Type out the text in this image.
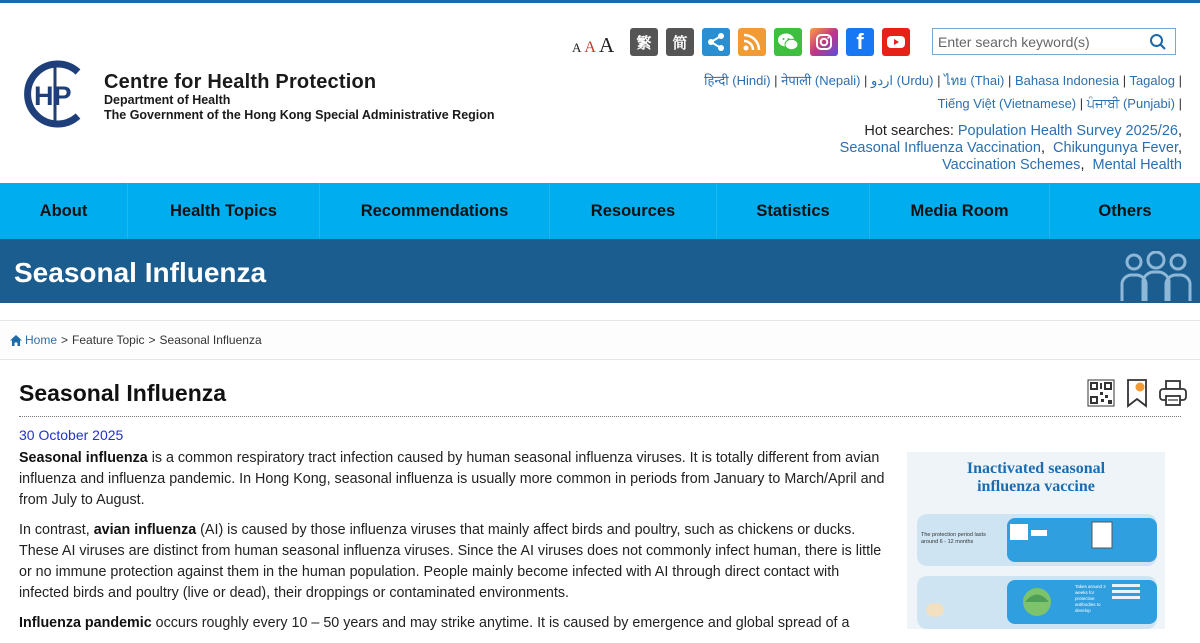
HP Centre for Health Protection
Department of Health
The Government of the Hong Kong Special Administrative Region
A A A 繁 简	f
Enter search keyword(s)
हिन्दी (Hindi) | नेपाली (Nepali) | اردو (Urdu) | ไทย (Thai) | Bahasa Indonesia | Tagalog |
Tiếng Việt (Vietnamese) | ਪੰਜਾਬੀ (Punjabi) |
Hot searches: Population Health Survey 2025/26,
Seasonal Influenza Vaccination,  Chikungunya Fever,
Vaccination Schemes,  Mental Health
About	Health Topics	Recommendations	Resources	Statistics	Media Room	Others
Seasonal Influenza
Home > Feature Topic > Seasonal Influenza
Seasonal Influenza
30 October 2025

Seasonal influenza is a common respiratory tract infection caused by human seasonal influenza viruses. It is totally different from avian influenza and influenza pandemic. In Hong Kong, seasonal influenza is usually more common in periods from January to March/April and from July to August.

In contrast, avian influenza (AI) is caused by those influenza viruses that mainly affect birds and poultry, such as chickens or ducks. These AI viruses are distinct from human seasonal influenza viruses. Since the AI viruses does not commonly infect human, there is little or no immune protection against them in the human population. People mainly become infected with AI through direct contact with infected birds and poultry (live or dead), their droppings or contaminated environments.

Influenza pandemic occurs roughly every 10 – 50 years and may strike anytime. It is caused by emergence and global spread of a

Inactivated seasonal
influenza vaccine
The protection period lasts around 6 - 12 months
Takes around 2 weeks for protective antibodies to develop
